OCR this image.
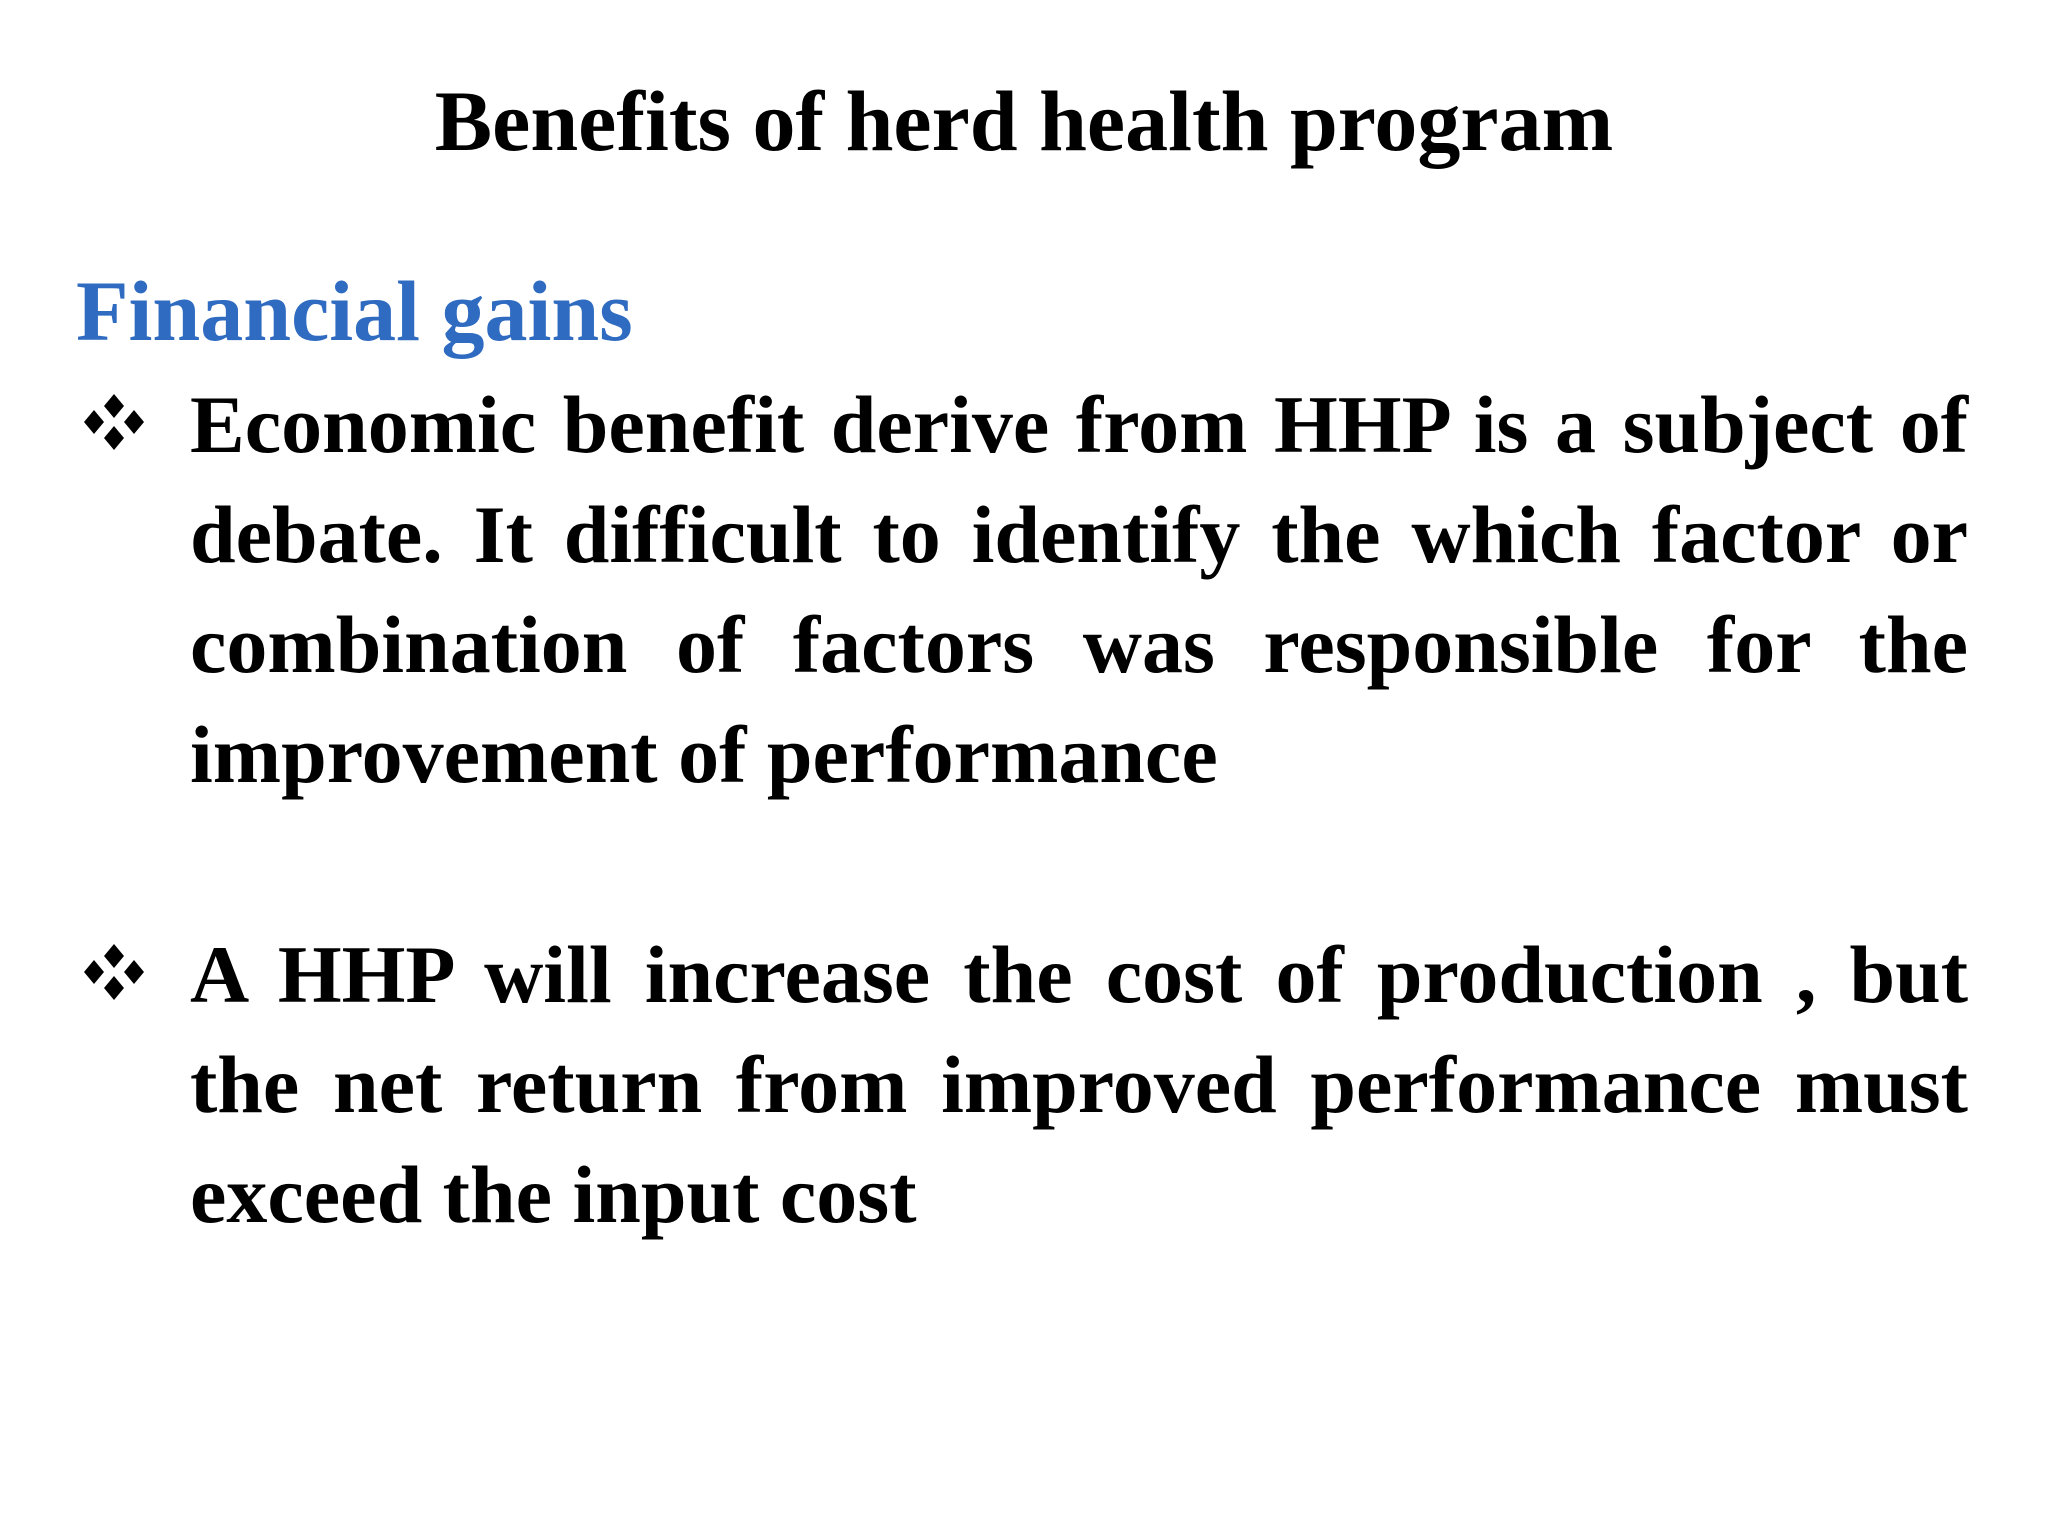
Benefits of herd health program
Financial gains
Economic benefit derive from HHP is a subject of debate. It difficult to identify the which factor or combination of factors was responsible for the improvement of performance
A HHP will increase the cost of production , but the net return from improved performance must exceed the input cost
